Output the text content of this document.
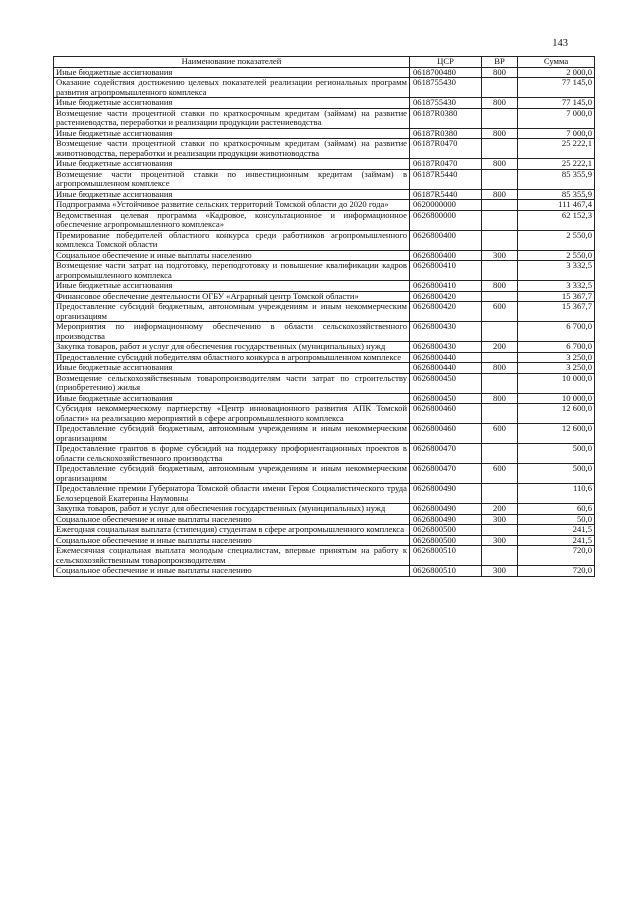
143
Наименование показателей	ЦСР	ВР	Сумма
Иные бюджетные ассигнования	0618700480	800	2 000,0
Оказание содействия достижению целевых показателей реализации региональных программ развития агропромышленного комплекса	0618755430		77 145,0
Иные бюджетные ассигнования	0618755430	800	77 145,0
Возмещение части процентной ставки по краткосрочным кредитам (займам) на развитие растениеводства, переработки и реализации продукции растениеводства	06187R0380		7 000,0
Иные бюджетные ассигнования	06187R0380	800	7 000,0
Возмещение части процентной ставки по краткосрочным кредитам (займам) на развитие животноводства, переработки и реализации продукции животноводства	06187R0470		25 222,1
Иные бюджетные ассигнования	06187R0470	800	25 222,1
Возмещение части процентной ставки по инвестиционным кредитам (займам) в агропромышленном комплексе	06187R5440		85 355,9
Иные бюджетные ассигнования	06187R5440	800	85 355,9
Подпрограмма «Устойчивое развитие сельских территорий Томской области до 2020 года»	0620000000		111 467,4
Ведомственная целевая программа «Кадровое, консультационное и информационное обеспечение агропромышленного комплекса»	0626800000		62 152,3
Премирование победителей областного конкурса среди работников агропромышленного комплекса Томской области	0626800400		2 550,0
Социальное обеспечение и иные выплаты населению	0626800400	300	2 550,0
Возмещение части затрат на подготовку, переподготовку и повышение квалификации кадров агропромышленного комплекса	0626800410		3 332,5
Иные бюджетные ассигнования	0626800410	800	3 332,5
Финансовое обеспечение деятельности ОГБУ «Аграрный центр Томской области»	0626800420		15 367,7
Предоставление субсидий бюджетным, автономным учреждениям и иным некоммерческим организациям	0626800420	600	15 367,7
Мероприятия по информационному обеспечению в области сельскохозяйственного производства	0626800430		6 700,0
Закупка товаров, работ и услуг для обеспечения государственных (муниципальных) нужд	0626800430	200	6 700,0
Предоставление субсидий победителям областного конкурса в агропромышленном комплексе	0626800440		3 250,0
Иные бюджетные ассигнования	0626800440	800	3 250,0
Возмещение сельскохозяйственным товаропроизводителям части затрат по строительству (приобретению) жилья	0626800450		10 000,0
Иные бюджетные ассигнования	0626800450	800	10 000,0
Субсидия некоммерческому партнерству «Центр инновационного развития АПК Томской области» на реализацию мероприятий в сфере агропромышленного комплекса	0626800460		12 600,0
Предоставление субсидий бюджетным, автономным учреждениям и иным некоммерческим организациям	0626800460	600	12 600,0
Предоставление грантов в форме субсидий на поддержку профориентационных проектов в области сельскохозяйственного производства	0626800470		500,0
Предоставление субсидий бюджетным, автономным учреждениям и иным некоммерческим организациям	0626800470	600	500,0
Предоставление премии Губернатора Томской области имени Героя Социалистического труда Белозерцевой Екатерины Наумовны	0626800490		110,6
Закупка товаров, работ и услуг для обеспечения государственных (муниципальных) нужд	0626800490	200	60,6
Социальное обеспечение и иные выплаты населению	0626800490	300	50,0
Ежегодная социальная выплата (стипендия) студентам в сфере агропромышленного комплекса	0626800500		241,5
Социальное обеспечение и иные выплаты населению	0626800500	300	241,5
Ежемесячная социальная выплата молодым специалистам, впервые принятым на работу к сельскохозяйственным товаропроизводителям	0626800510		720,0
Социальное обеспечение и иные выплаты населению	0626800510	300	720,0
